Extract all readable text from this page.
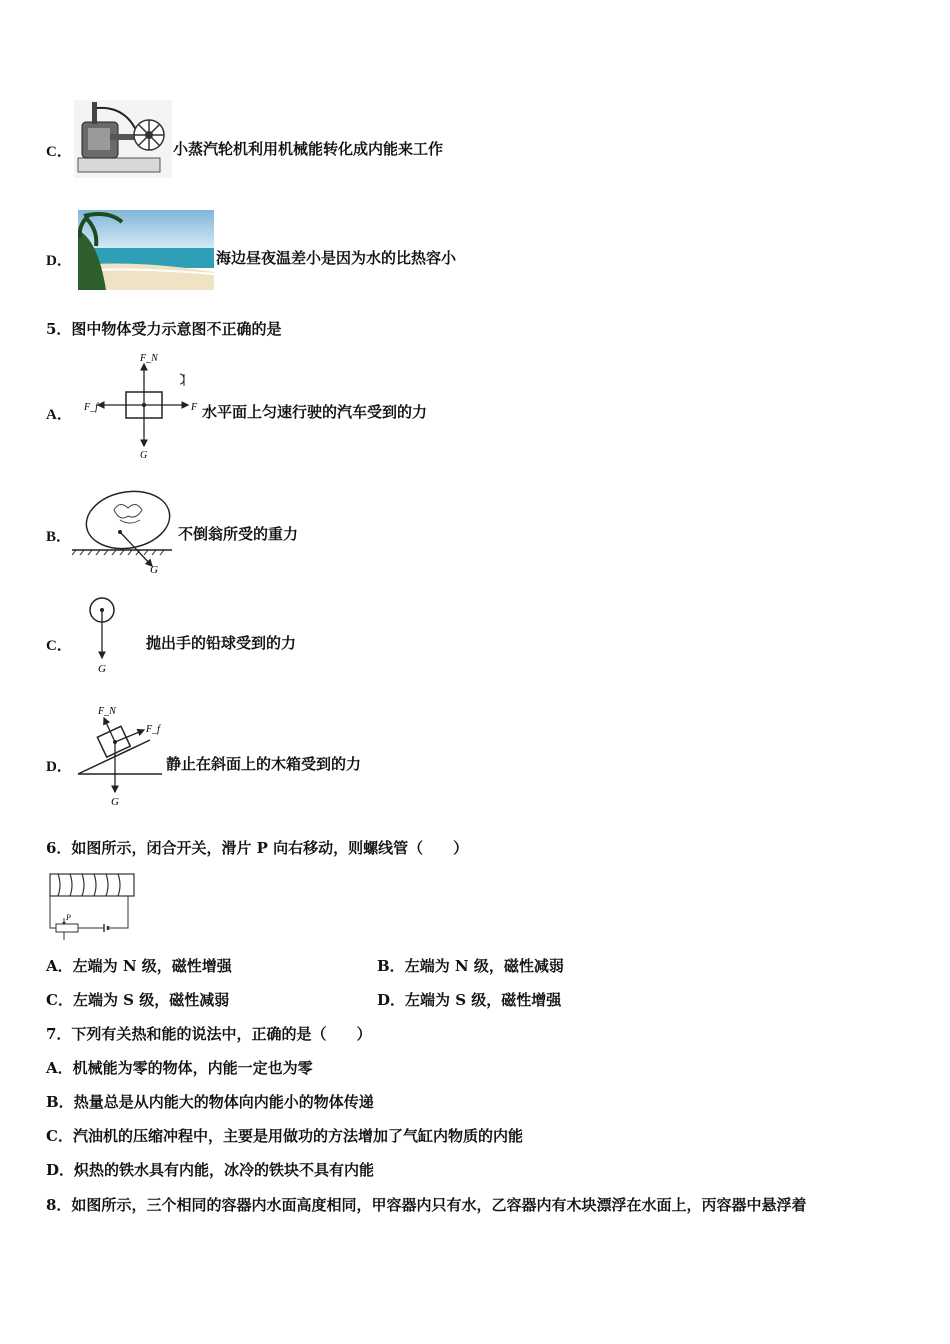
C．	小蒸汽轮机利用机械能转化成内能来工作
D．	海边昼夜温差小是因为水的比热容小
5．图中物体受力示意图不正确的是
A．
F_N
F_f	F
G
水平面上匀速行驶的汽车受到的力
B．
G
不倒翁所受的重力
C．
G
抛出手的铅球受到的力
D．
F_N
F_f
G
静止在斜面上的木箱受到的力
6．如图所示，闭合开关，滑片 P 向右移动，则螺线管（　　）
P
A．左端为 N 级，磁性增强	B．左端为 N 级，磁性减弱
C．左端为 S 级，磁性减弱	D．左端为 S 级，磁性增强
7．下列有关热和能的说法中，正确的是（　　）
A．机械能为零的物体，内能一定也为零
B．热量总是从内能大的物体向内能小的物体传递
C．汽油机的压缩冲程中，主要是用做功的方法增加了气缸内物质的内能
D．炽热的铁水具有内能，冰冷的铁块不具有内能
8．如图所示，三个相同的容器内水面高度相同，甲容器内只有水，乙容器内有木块漂浮在水面上，丙容器中悬浮着
